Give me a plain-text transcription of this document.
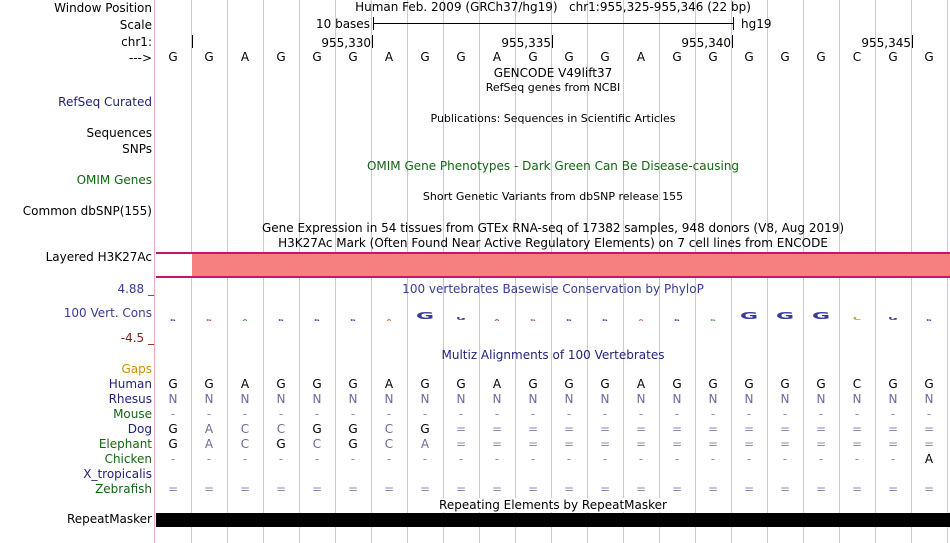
Window Position
Scale
chr1:
--->
RefSeq Curated
Sequences
SNPs
OMIM Genes
Common dbSNP(155)
Layered H3K27Ac
100 Vert. Cons
Gaps
RepeatMasker
Human Feb. 2009 (GRCh37/hg19) chr1:955,325-955,346 (22 bp)
10 bases	hg19
955,330	955,335	955,340	955,345
G	G	A	G	G	G	A	G	G	A	G	G	G	A	G	G	G	G	G	C	G	G
GENCODE V49lift37
RefSeq genes from NCBI
Publications: Sequences in Scientific Articles
OMIM Gene Phenotypes - Dark Green Can Be Disease-causing
Short Genetic Variants from dbSNP release 155
Gene Expression in 54 tissues from GTEx RNA-seq of 17382 samples, 948 donors (V8, Aug 2019)
H3K27Ac Mark (Often Found Near Active Regulatory Elements) on 7 cell lines from ENCODE
100 vertebrates Basewise Conservation by PhyloP
4.88 _
-4.5 _
G	G	A	G	G	G	A	G	G	A	G	G	G	A	G	G	G	G	G	C	G	G
Multiz Alignments of 100 Vertebrates
Human	G	G	A	G	G	G	A	G	G	A	G	G	G	A	G	G	G	G	G	C	G	G
Rhesus	N	N	N	N	N	N	N	N	N	N	N	N	N	N	N	N	N	N	N	N	N	N
Mouse	-	-	-	-	-	-	-	-	-	-	-	-	-	-	-	-	-	-	-	-	-	-
Dog	G	A	C	C	G	G	C	G	=	=	=	=	=	=	=	=	=	=	=	=	=	=
Elephant	G	A	C	G	C	G	C	A	=	=	=	=	=	=	=	=	=	=	=	=	=	=
Chicken	-	-	-	-	-	-	-	-	-	-	-	-	-	-	-	-	-	-	-	-	-	A
X_tropicalis
Zebrafish	=	=	=	=	=	=	=	=	=	=	=	=	=	=	=	=	=	=	=	=	=	=
Repeating Elements by RepeatMasker
